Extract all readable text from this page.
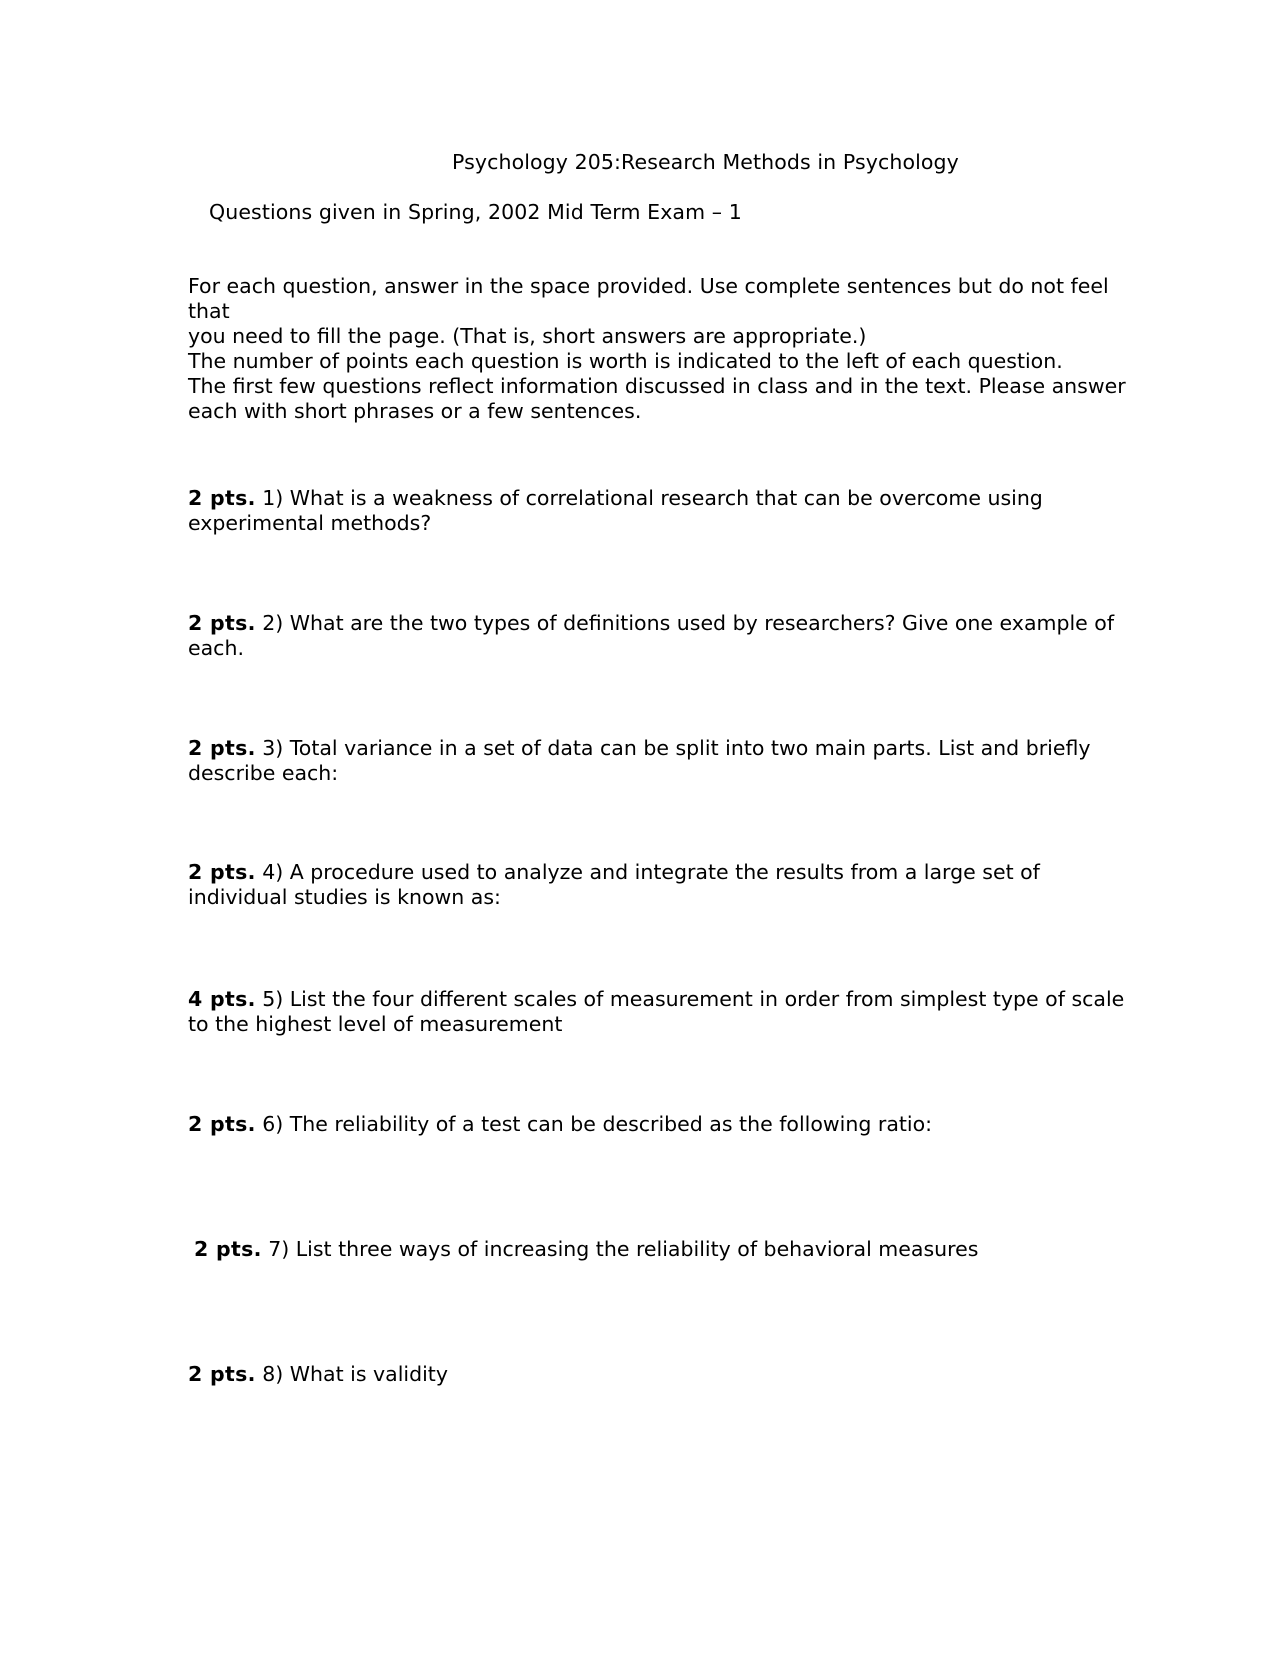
Psychology 205:Research Methods in Psychology
Questions given in Spring, 2002 Mid Term Exam – 1
For each question, answer in the space provided. Use complete sentences but do not feel that
you need to fill the page. (That is, short answers are appropriate.)
The number of points each question is worth is indicated to the left of each question.
The first few questions reflect information discussed in class and in the text. Please answer
each with short phrases or a few sentences.
2 pts. 1) What is a weakness of correlational research that can be overcome using experimental methods?
2 pts. 2) What are the two types of definitions used by researchers? Give one example of each.
2 pts. 3) Total variance in a set of data can be split into two main parts. List and briefly describe each:
2 pts. 4) A procedure used to analyze and integrate the results from a large set of individual studies is known as:
4 pts. 5) List the four different scales of measurement in order from simplest type of scale to the highest level of measurement
2 pts. 6) The reliability of a test can be described as the following ratio:
2 pts. 7) List three ways of increasing the reliability of behavioral measures
2 pts. 8) What is validity
